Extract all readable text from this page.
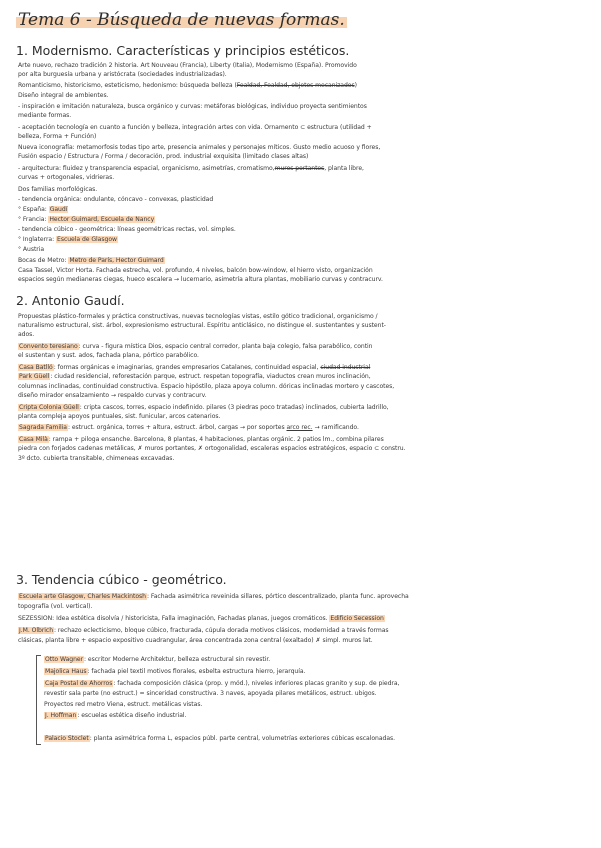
Tema 6 - Búsqueda de nuevas formas.
1. Modernismo. Características y principios estéticos.
Arte nuevo, rechazo tradición 2 historia. Art Nouveau (Francia), Liberty (Italia), Modernismo (España). Promovido
por alta burguesía urbana y aristócrata (sociedades industrializadas).
Romanticismo, historicismo, esteticismo, hedonismo: búsqueda belleza (Fealdad, Fealdad, objetos mecanizados)
Diseño integral de ambientes.
- inspiración e imitación naturaleza, busca orgánico y curvas: metáforas biológicas, individuo proyecta sentimientos
mediante formas.
- aceptación tecnología en cuanto a función y belleza, integración artes con vida. Ornamento ⊂ estructura (utilidad +
belleza, Forma + Función)
Nueva iconografía: metamorfosis todas tipo arte, presencia animales y personajes míticos. Gusto medio acuoso y flores,
Fusión espacio / Estructura / Forma / decoración, prod. industrial exquisita (limitado clases altas)
- arquitectura: fluidez y transparencia espacial, organicismo, asimetrías, cromatismo,muros portantes, planta libre,
curvas + ortogonales, vidrieras.
Dos familias morfológicas.
- tendencia orgánica: ondulante, cóncavo - convexas, plasticidad
° España: Gaudí
° Francia: Hector Guimard, Escuela de Nancy
- tendencia cúbico - geométrica: líneas geométricas rectas, vol. simples.
° Inglaterra: Escuela de Glasgow
° Austria
Bocas de Metro: Metro de París, Hector Guimard
Casa Tassel, Victor Horta. Fachada estrecha, vol. profundo, 4 niveles, balcón bow-window, el hierro visto, organización
espacios según medianeras ciegas, hueco escalera → lucernario, asimetría altura plantas, mobiliario curvas y contracurv.
2. Antonio Gaudí.
Propuestas plástico-formales y práctica constructivas, nuevas tecnologías vistas, estilo gótico tradicional, organicismo /
naturalismo estructural, sist. árbol, expresionismo estructural. Espíritu anticlásico, no distingue el. sustentantes y sustent-
ados.
Convento teresiano: curva - figura mística Dios, espacio central corredor, planta baja colegio, falsa parabólico, contin
el sustentan y sust. ados, fachada plana, pórtico parabólico.
Casa Batlló: formas orgánicas e imaginarias, grandes empresarios Catalanes, continuidad espacial, ciudad industrial
Park Güell: ciudad residencial, reforestación parque, estruct. respetan topografía, viaductos crean muros inclinación,
columnas inclinadas, continuidad constructiva. Espacio hipóstilo, plaza apoya column. dóricas inclinadas mortero y cascotes,
diseño mirador ensalzamiento → respaldo curvas y contracurv.
Cripta Colonia Güell: cripta cascos, torres, espacio indefinido. pilares (3 piedras poco tratadas) inclinados, cubierta ladrillo,
planta compleja apoyos puntuales, sist. funicular, arcos catenarios.
Sagrada Familia: estruct. orgánica, torres + altura, estruct. árbol, cargas → por soportes arco rec. → ramificando.
Casa Milà: rampa + piloga ensanche. Barcelona, 8 plantas, 4 habitaciones, plantas orgánic. 2 patios lm., combina pilares
piedra con forjados cadenas metálicas, ✗ muros portantes, ✗ ortogonalidad, escaleras espacios estratégicos, espacio ⊂ constru.
3º dcto. cubierta transitable, chimeneas excavadas.
3. Tendencia cúbico - geométrico.
Escuela arte Glasgow, Charles Mackintosh: Fachada asimétrica reveinida sillares, pórtico descentralizado, planta func. aprovecha
topografía (vol. vertical).
SEZESSION: Idea estética disolvía / historicista, Falla imaginación, Fachadas planas, juegos cromáticos. Edificio Secession
J.M. Olbrich: rechazo eclecticismo, bloque cúbico, fracturada, cúpula dorada motivos clásicos, modernidad a través formas
clásicas, planta libre + espacio expositivo cuadrangular, área concentrada zona central (exaltado) ✗ simpl. muros lat.
Otto Wagner: escritor Moderne Architektur, belleza estructural sin revestir.
Majolica Haus: fachada piel textil motivos florales, esbelta estructura hierro, jerarquía.
Caja Postal de Ahorros: fachada composición clásica (prop. y mód.), niveles inferiores placas granito y sup. de piedra,
revestir sala parte (no estruct.) = sinceridad constructiva. 3 naves, apoyada pilares metálicos, estruct. ubigos.
Proyectos red metro Viena, estruct. metálicas vistas.
J. Hoffman: escuelas estética diseño industrial.
Palacio Stoclet: planta asimétrica forma L, espacios públ. parte central, volumetrías exteriores cúbicas escalonadas.
